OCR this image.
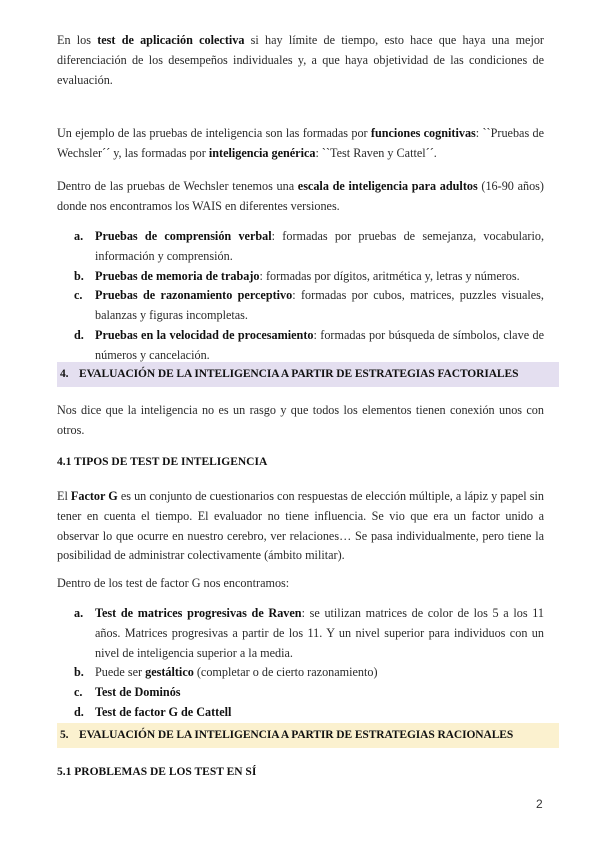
En los test de aplicación colectiva si hay límite de tiempo, esto hace que haya una mejor diferenciación de los desempeños individuales y, a que haya objetividad de las condiciones de evaluación.

Un ejemplo de las pruebas de inteligencia son las formadas por funciones cognitivas: ``Pruebas de Wechsler´´ y, las formadas por inteligencia genérica: ``Test Raven y Cattel´´.

Dentro de las pruebas de Wechsler tenemos una escala de inteligencia para adultos (16-90 años) donde nos encontramos los WAIS en diferentes versiones.

a. Pruebas de comprensión verbal: formadas por pruebas de semejanza, vocabulario, información y comprensión.
b. Pruebas de memoria de trabajo: formadas por dígitos, aritmética y, letras y números.
c. Pruebas de razonamiento perceptivo: formadas por cubos, matrices, puzzles visuales, balanzas y figuras incompletas.
d. Pruebas en la velocidad de procesamiento: formadas por búsqueda de símbolos, clave de números y cancelación.
4. EVALUACIÓN DE LA INTELIGENCIA A PARTIR DE ESTRATEGIAS FACTORIALES

Nos dice que la inteligencia no es un rasgo y que todos los elementos tienen conexión unos con otros.

4.1 TIPOS DE TEST DE INTELIGENCIA

El Factor G es un conjunto de cuestionarios con respuestas de elección múltiple, a lápiz y papel sin tener en cuenta el tiempo. El evaluador no tiene influencia. Se vio que era un factor unido a observar lo que ocurre en nuestro cerebro, ver relaciones… Se pasa individualmente, pero tiene la posibilidad de administrar colectivamente (ámbito militar).

Dentro de los test de factor G nos encontramos:

a. Test de matrices progresivas de Raven: se utilizan matrices de color de los 5 a los 11 años. Matrices progresivas a partir de los 11. Y un nivel superior para individuos con un nivel de inteligencia superior a la media.
b. Puede ser gestáltico (completar o de cierto razonamiento)
c. Test de Dominós
d. Test de factor G de Cattell
5. EVALUACIÓN DE LA INTELIGENCIA A PARTIR DE ESTRATEGIAS RACIONALES
5.1 PROBLEMAS DE LOS TEST EN SÍ
2
